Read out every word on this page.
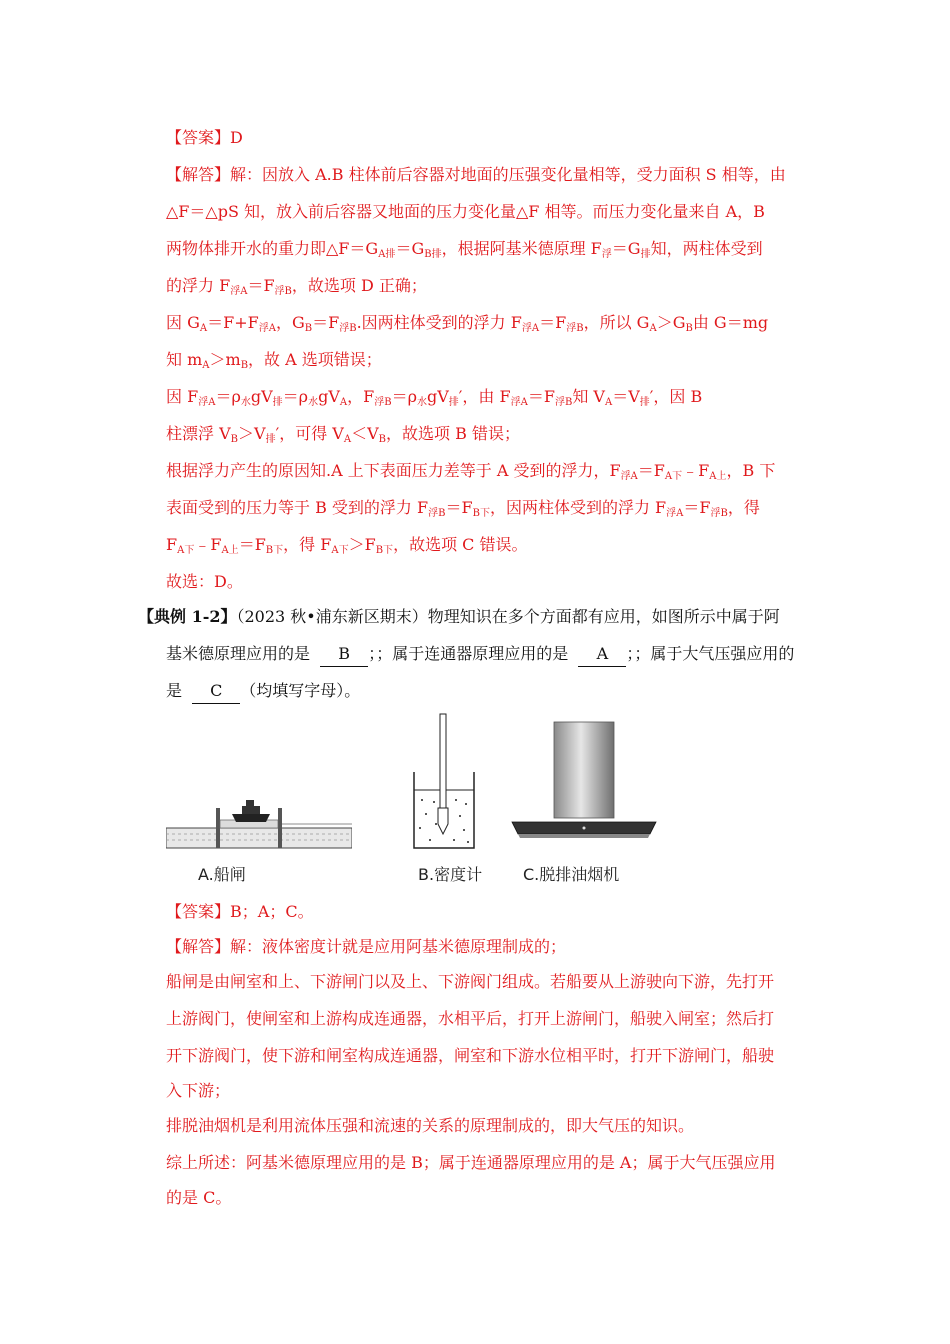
【答案】D
【解答】解：因放入 A.B 柱体前后容器对地面的压强变化量相等，受力面积 S 相等，由
△F＝△pS 知，放入前后容器又地面的压力变化量△F 相等。而压力变化量来自 A，B
两物体排开水的重力即$\triangle F=G_{A排}=G_{B排}$，根据阿基米德原理 $F_浮=G_排$知，两柱体受到
的浮力 $F_{浮A}=F_{浮B}$，故选项 D 正确；
因 $G_A=F+F_{浮A}$，$G_B=F_{浮B}$.因两柱体受到的浮力 $F_{浮A}=F_{浮B}$，所以 $G_A>G_B$由 G＝mg
知 $m_A>m_B$，故 A 选项错误；
因 $F_{浮A}=\rho_水gV_排=\rho_水gV_A$，$F_{浮B}=\rho_水gV_排'$，由 $F_{浮A}=F_{浮B}$知 $V_A=V_排'$，因 B
柱漂浮 $V_B>V_排'$，可得 $V_A<V_B$，故选项 B 错误；
根据浮力产生的原因知.A 上下表面压力差等于 A 受到的浮力，$F_{浮A}=F_{A下}﹣F_{A上}$，B 下
表面受到的压力等于 B 受到的浮力 $F_{浮B}=F_{B下}$，因两柱体受到的浮力 $F_{浮A}=F_{浮B}$，得
$F_{A下}﹣F_{A上}=F_{B下}$，得 $F_{A下}>F_{B下}$，故选项 C 错误。
故选：D。
【典例 1-2】（2023 秋•浦东新区期末）物理知识在多个方面都有应用，如图所示中属于阿
基米德原理应用的是 B ；；属于连通器原理应用的是 A ；；属于大气压强应用的
是 C （均填写字母）。
A.船闸	B.密度计	C.脱排油烟机
【答案】B；A；C。
【解答】解：液体密度计就是应用阿基米德原理制成的；
船闸是由闸室和上、下游闸门以及上、下游阀门组成。若船要从上游驶向下游，先打开
上游阀门，使闸室和上游构成连通器，水相平后，打开上游闸门，船驶入闸室；然后打
开下游阀门，使下游和闸室构成连通器，闸室和下游水位相平时，打开下游闸门，船驶
入下游；
排脱油烟机是利用流体压强和流速的关系的原理制成的，即大气压的知识。
综上所述：阿基米德原理应用的是 B；属于连通器原理应用的是 A；属于大气压强应用
的是 C。
